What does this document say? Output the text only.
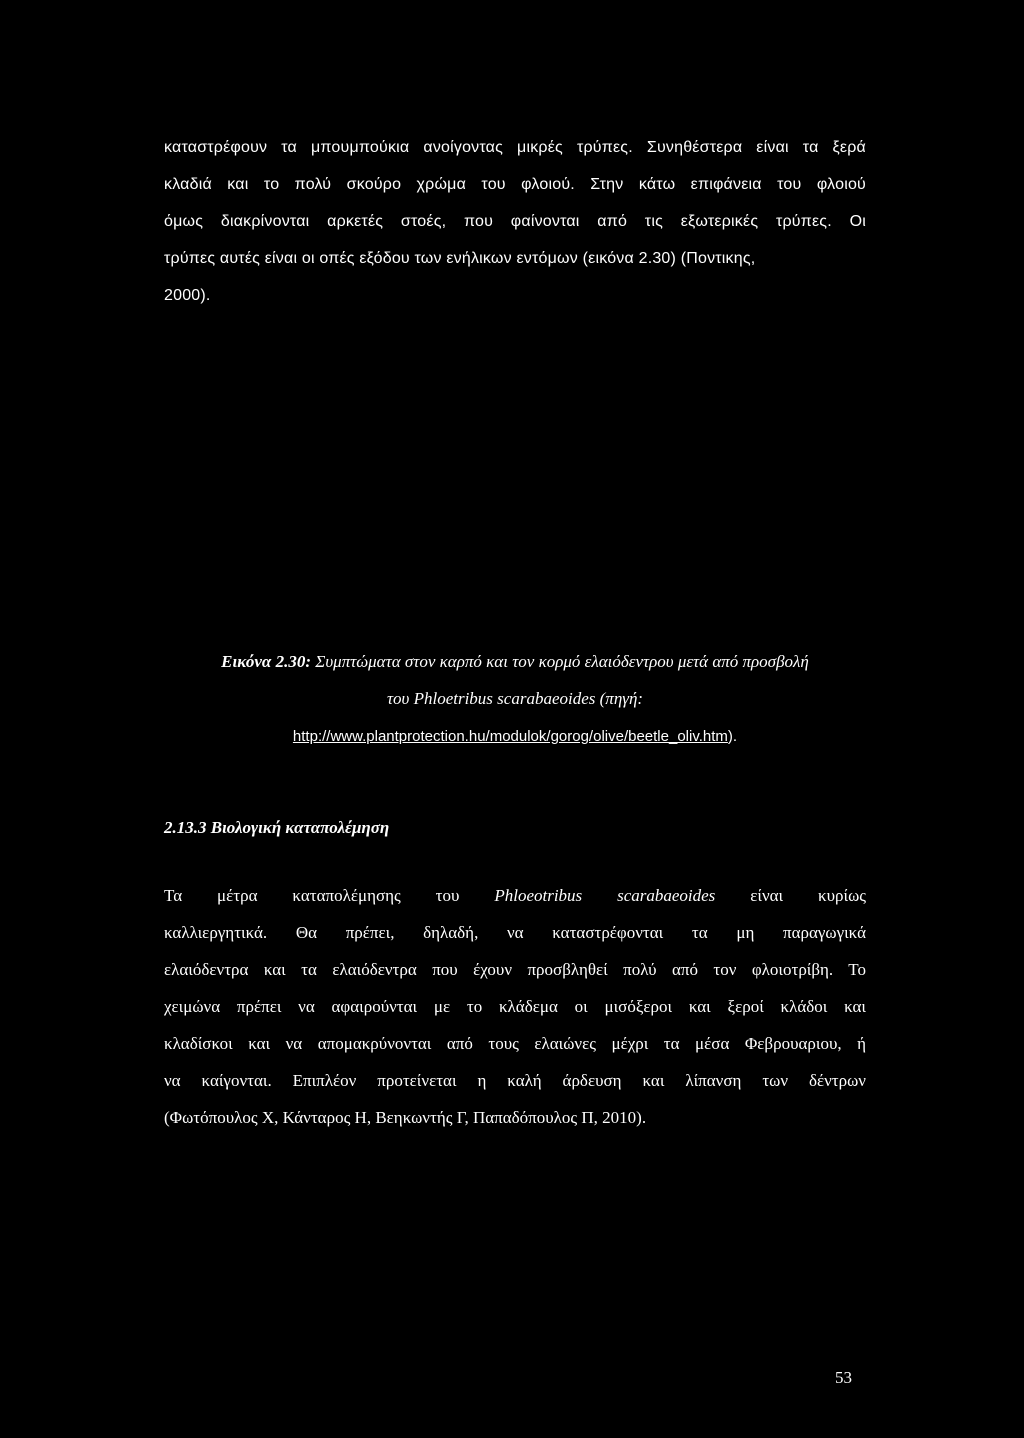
καταστρέφουν τα μπουμπούκια ανοίγοντας μικρές τρύπες. Συνηθέστερα είναι τα ξερά
κλαδιά και το πολύ σκούρο χρώμα του φλοιού. Στην κάτω επιφάνεια του φλοιού
όμως διακρίνονται αρκετές στοές, που φαίνονται από τις εξωτερικές τρύπες. Οι
τρύπες αυτές είναι οι οπές εξόδου των ενήλικων εντόμων (εικόνα 2.30) (Ποντικης,
2000).
Εικόνα 2.30: Συμπτώματα στον καρπό και τον κορμό ελαιόδεντρου μετά από προσβολή
του Phloetribus scarabaeoides (πηγή:
http://www.plantprotection.hu/modulok/gorog/olive/beetle_oliv.htm).
2.13.3 Βιολογική καταπολέμηση
Τα μέτρα καταπολέμησης του Phloeotribus scarabaeoides είναι κυρίως
καλλιεργητικά. Θα πρέπει, δηλαδή, να καταστρέφονται τα μη παραγωγικά
ελαιόδεντρα και τα ελαιόδεντρα που έχουν προσβληθεί πολύ από τον φλοιοτρίβη. Το
χειμώνα πρέπει να αφαιρούνται με το κλάδεμα οι μισόξεροι και ξεροί κλάδοι και
κλαδίσκοι και να απομακρύνονται από τους ελαιώνες μέχρι τα μέσα Φεβρουαριου, ή
να καίγονται. Επιπλέον προτείνεται η καλή άρδευση και λίπανση των δέντρων
(Φωτόπουλος Χ, Κάνταρος Η, Βεηκωντής Γ, Παπαδόπουλος Π, 2010).
53
